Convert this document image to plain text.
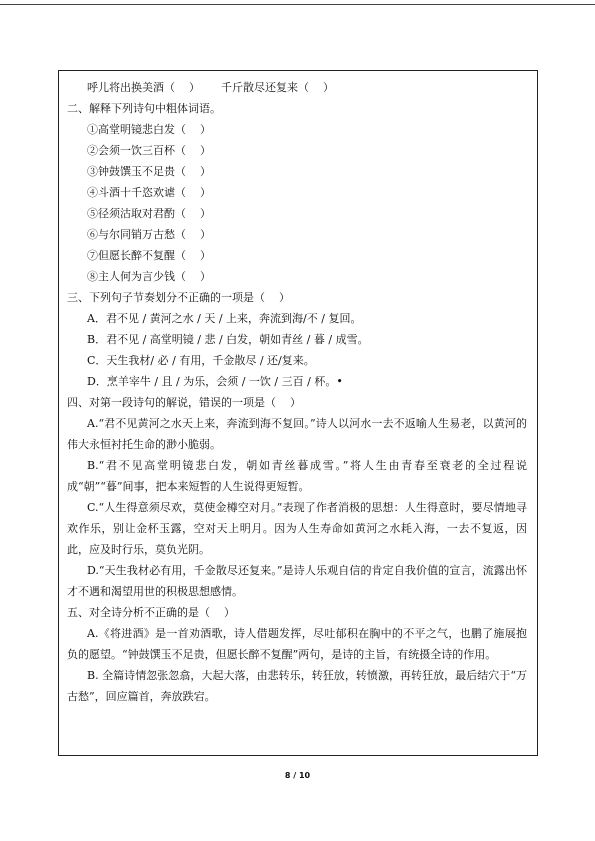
呼儿将出换美酒（    ）      千斤散尽还复来（    ）
二、解释下列诗句中粗体词语。
①高堂明镜悲白发（    ）
②会须一饮三百杯（    ）
③钟鼓馔玉不足贵（    ）
④斗酒十千恣欢谑（    ）
⑤径须沽取对君酌（    ）
⑥与尔同销万古愁（    ）
⑦但愿长醉不复醒（    ）
⑧主人何为言少钱（    ）
三、下列句子节奏划分不正确的一项是（    ）
A．君不见 / 黄河之水 / 天 / 上来，奔流到海/不 / 复回。
B．君不见 / 高堂明镜 / 悲 / 白发，朝如青丝 / 暮 / 成雪。
C．天生我材/ 必 / 有用，千金散尽 / 还/复来。
D．烹羊宰牛 / 且 / 为乐，会须 / 一饮 / 三百 / 杯。•
四、对第一段诗句的解说，错误的一项是（    ）
A.“君不见黄河之水天上来，奔流到海不复回。”诗人以河水一去不返喻人生易老，以黄河的伟大永恒衬托生命的渺小脆弱。
B.“君不见高堂明镜悲白发，朝如青丝暮成雪。”将人生由青春至衰老的全过程说成“朝”“暮”间事，把本来短暂的人生说得更短暂。
C.“人生得意须尽欢，莫使金樽空对月。”表现了作者消极的思想：人生得意时，要尽情地寻欢作乐，别让金杯玉露，空对天上明月。因为人生寿命如黄河之水耗入海，一去不复返，因此，应及时行乐，莫负光阴。
D.“天生我材必有用，千金散尽还复来。”是诗人乐观自信的肯定自我价值的宣言，流露出怀才不遇和渴望用世的积极思想感情。
五、对全诗分析不正确的是（    ）
A.《将进酒》是一首劝酒歌，诗人借题发挥，尽吐郁积在胸中的不平之气，也鹏了施展抱负的愿望。“钟鼓馔玉不足贵，但愿长醉不复醒”两句，是诗的主旨，有统摄全诗的作用。
B. 全篇诗情忽张忽翕，大起大落，由悲转乐，转狂放，转愤激，再转狂放，最后结穴于“万古愁”，回应篇首，奔放跌宕。
8 / 10
